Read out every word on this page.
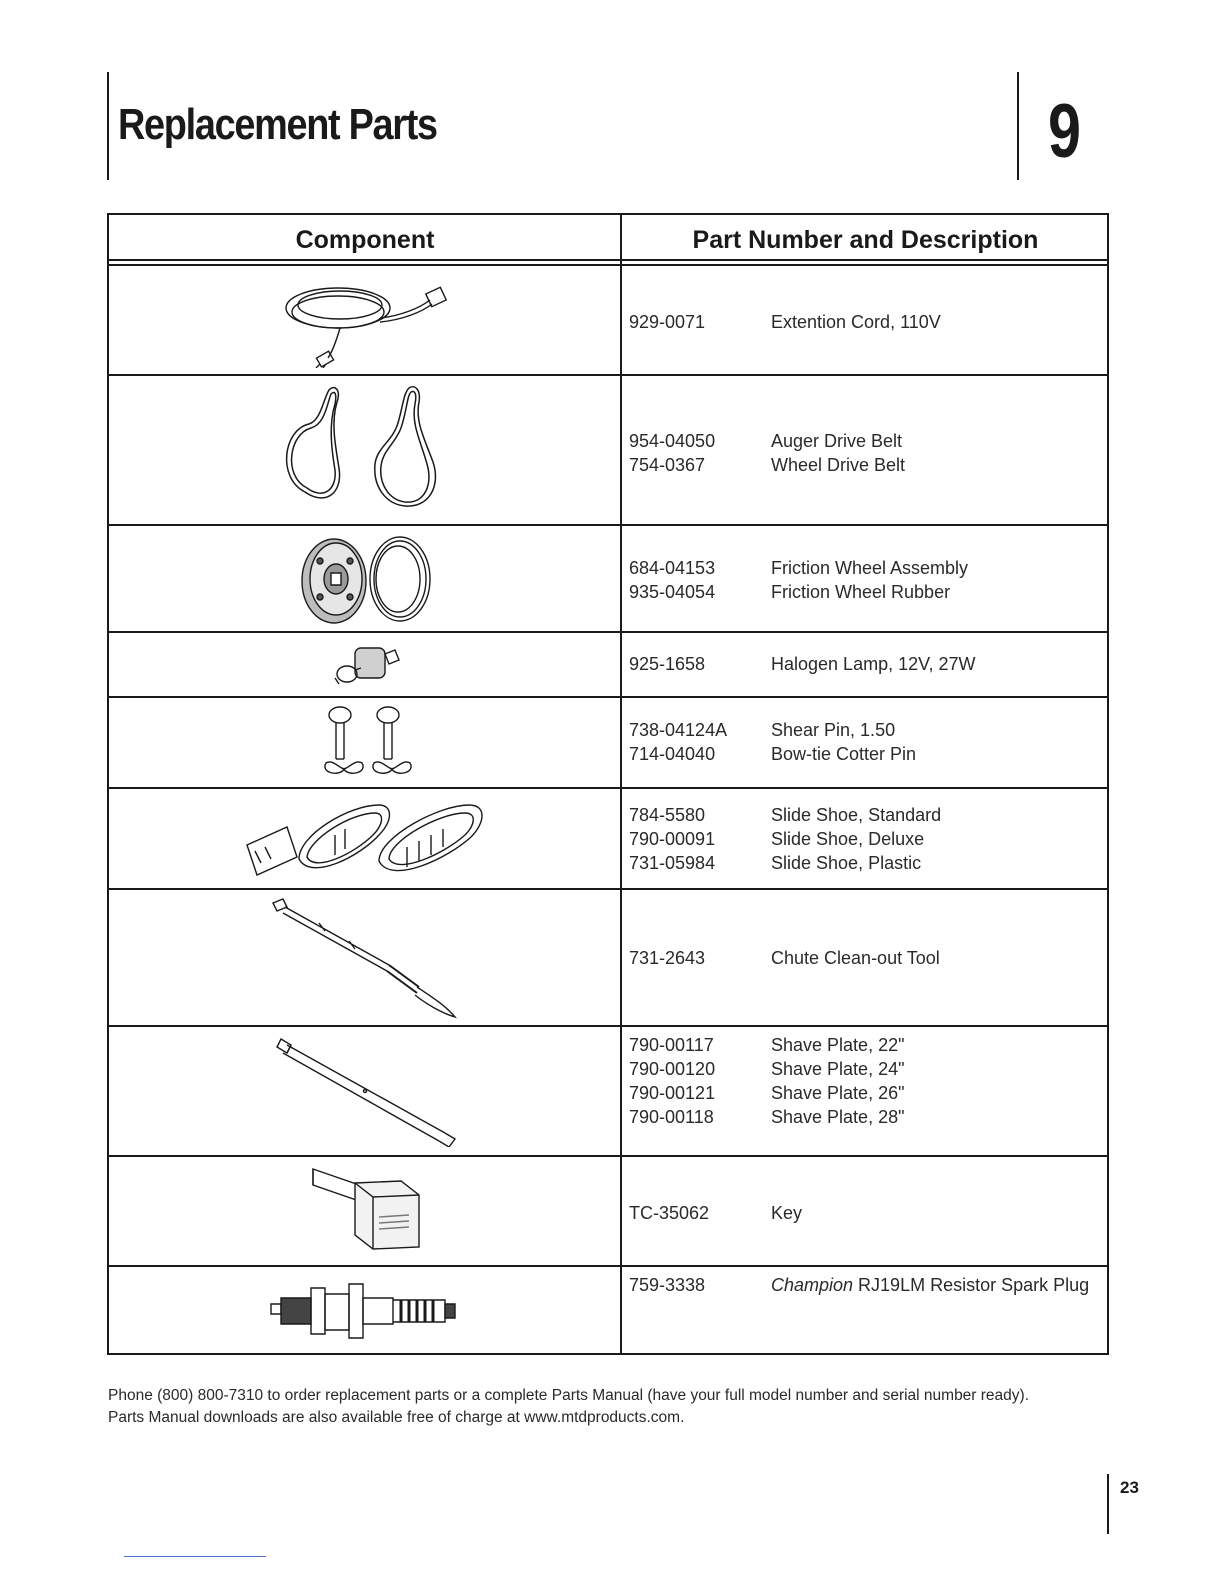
Replacement Parts	9
Component	Part Number and Description
929-0071	Extention Cord, 110V
954-04050	Auger Drive Belt
754-0367	Wheel Drive Belt
684-04153	Friction Wheel Assembly
935-04054	Friction Wheel Rubber
925-1658	Halogen Lamp, 12V, 27W
738-04124A	Shear Pin, 1.50
714-04040	Bow-tie Cotter Pin
784-5580	Slide Shoe, Standard
790-00091	Slide Shoe, Deluxe
731-05984	Slide Shoe, Plastic
731-2643	Chute Clean-out Tool
790-00117	Shave Plate, 22"
790-00120	Shave Plate, 24"
790-00121	Shave Plate, 26"
790-00118	Shave Plate, 28"
TC-35062	Key
759-3338	Champion RJ19LM Resistor Spark Plug
Phone (800) 800-7310 to order replacement parts or a complete Parts Manual (have your full model number and serial number ready).
Parts Manual downloads are also available free of charge at www.mtdproducts.com.
23
